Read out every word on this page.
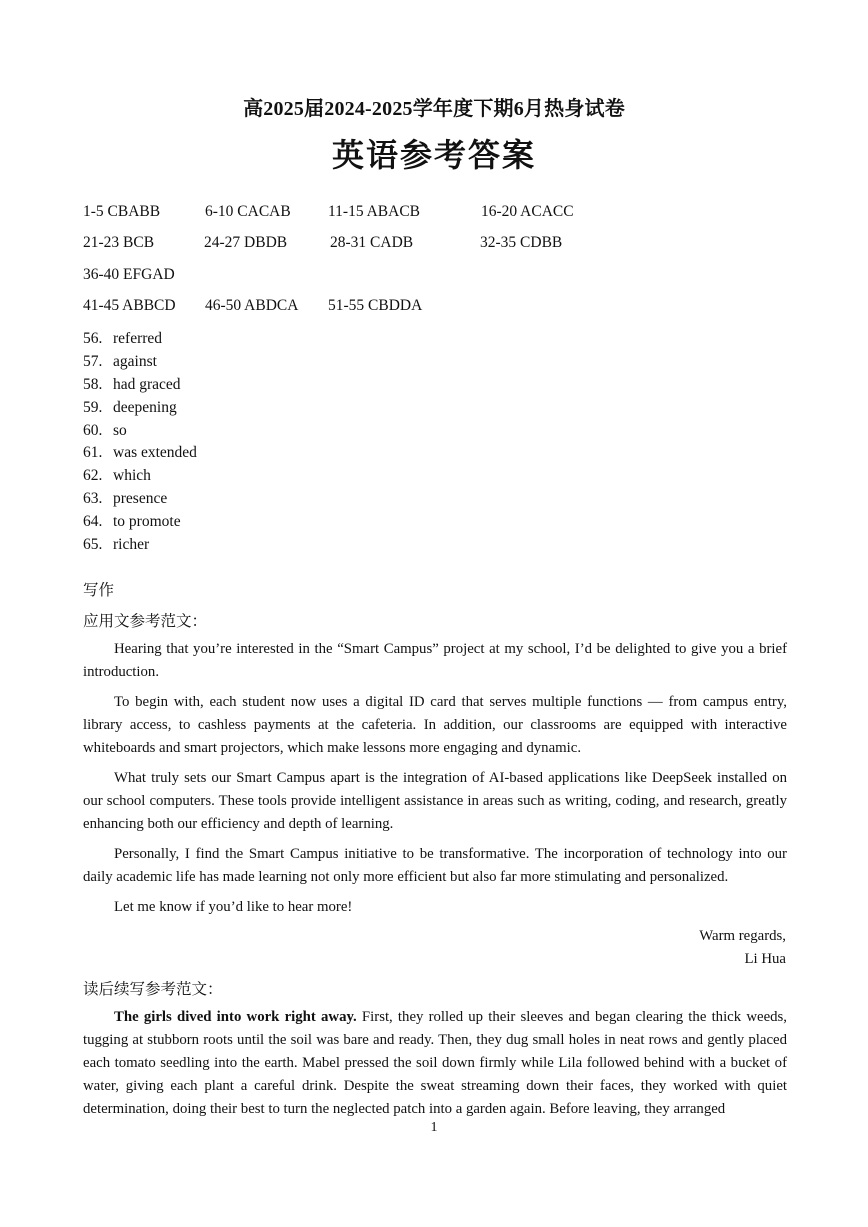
高2025届2024-2025学年度下期6月热身试卷
英语参考答案
1-5 CBABB	6-10 CACAB 11-15 ABACB	16-20 ACACC
21-23 BCB	24-27 DBDB	28-31 CADB	32-35 CDBB
36-40 EFGAD
41-45 ABBCD 46-50 ABDCA 51-55 CBDDA
56. referred
57. against
58. had graced
59. deepening
60. so
61. was extended
62. which
63. presence
64. to promote
65. richer
写作
应用文参考范文：

Hearing that you’re interested in the “Smart Campus” project at my school, I’d be delighted to give you a brief introduction.

To begin with, each student now uses a digital ID card that serves multiple functions — from campus entry, library access, to cashless payments at the cafeteria. In addition, our classrooms are equipped with interactive whiteboards and smart projectors, which make lessons more engaging and dynamic.

What truly sets our Smart Campus apart is the integration of AI-based applications like DeepSeek installed on our school computers. These tools provide intelligent assistance in areas such as writing, coding, and research, greatly enhancing both our efficiency and depth of learning.

Personally, I find the Smart Campus initiative to be transformative. The incorporation of technology into our daily academic life has made learning not only more efficient but also far more stimulating and personalized.

Let me know if you’d like to hear more!

Warm regards,
Li Hua
读后续写参考范文：

The girls dived into work right away. First, they rolled up their sleeves and began clearing the thick weeds, tugging at stubborn roots until the soil was bare and ready. Then, they dug small holes in neat rows and gently placed each tomato seedling into the earth. Mabel pressed the soil down firmly while Lila followed behind with a bucket of water, giving each plant a careful drink. Despite the sweat streaming down their faces, they worked with quiet determination, doing their best to turn the neglected patch into a garden again. Before leaving, they arranged

1
